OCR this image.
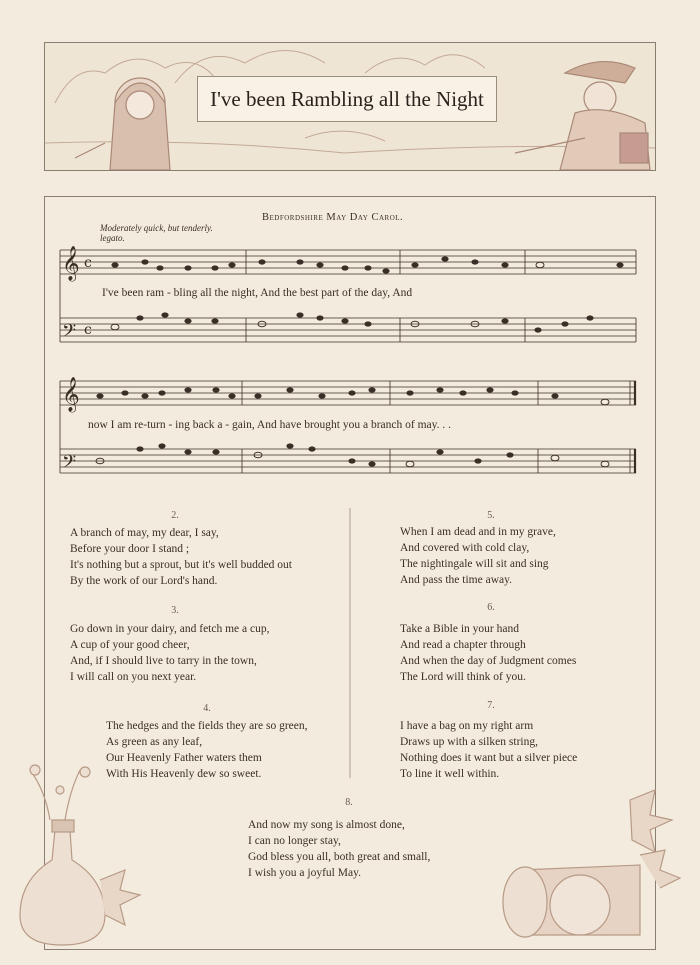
I've been Rambling all the Night
Bedfordshire May Day Carol.
Moderately quick, but tenderly.
legato.
𝄞 c
𝄢 c
𝄞
𝄢
I've been ram - bling all the night, And the best part of the day, And
now I am re-turn - ing back a - gain, And have brought you a branch of may. . .
2.
A branch of may, my dear, I say,
Before your door I stand ;
It's nothing but a sprout, but it's well budded out
By the work of our Lord's hand.
3.
Go down in your dairy, and fetch me a cup,
A cup of your good cheer,
And, if I should live to tarry in the town,
I will call on you next year.
4.
The hedges and the fields they are so green,
As green as any leaf,
Our Heavenly Father waters them
With His Heavenly dew so sweet.
5.
When I am dead and in my grave,
And covered with cold clay,
The nightingale will sit and sing
And pass the time away.
6.
Take a Bible in your hand
And read a chapter through
And when the day of Judgment comes
The Lord will think of you.
7.
I have a bag on my right arm
Draws up with a silken string,
Nothing does it want but a silver piece
To line it well within.
8.
And now my song is almost done,
I can no longer stay,
God bless you all, both great and small,
I wish you a joyful May.
